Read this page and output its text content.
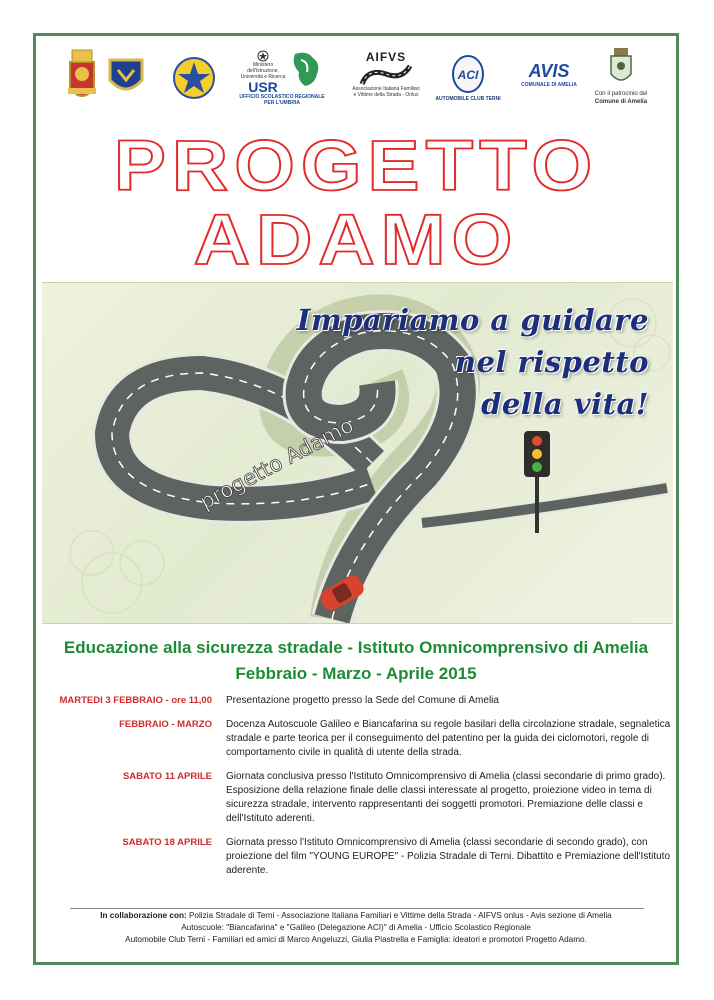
Ministero dell'Istruzione,
Università e Ricerca
USR
UFFICIO SCOLASTICO REGIONALE PER L'UMBRIA
AIFVS
Associazione Italiana Familiari
e Vittime della Strada - Onlus
ACI
AUTOMOBILE CLUB TERNI
AVIS
COMUNALE DI AMELIA
Con il patrocinio del
Comune di Amelia
PROGETTO
ADAMO
progetto Adamo
Impariamo a guidare
nel rispetto
della vita!
Educazione alla sicurezza stradale - Istituto Omnicomprensivo di Amelia
Febbraio - Marzo - Aprile 2015
MARTEDI 3 FEBBRAIO - ore 11,00	Presentazione progetto presso la Sede del Comune di Amelia
FEBBRAIO - MARZO	Docenza Autoscuole Galileo e Biancafarina su regole basilari della circolazione stradale, segnaletica stradale e parte teorica per il conseguimento del patentino per la guida dei ciclomotori, regole di comportamento civile in qualità di utente della strada.
SABATO 11 APRILE	Giornata conclusiva presso l'Istituto Omnicomprensivo di Amelia (classi secondarie di primo grado). Esposizione della relazione finale delle classi interessate al progetto, proiezione video in tema di sicurezza stradale, intervento rappresentanti dei soggetti promotori. Premiazione delle classi e dell'Istituto aderenti.
SABATO 18 APRILE	Giornata presso l'Istituto Omnicomprensivo di Amelia (classi secondarie di secondo grado), con proiezione del film "YOUNG EUROPE" - Polizia Stradale di Terni. Dibattito e Premiazione dell'Istituto aderente.
In collaborazione con: Polizia Stradale di Terni - Associazione Italiana Familiari e Vittime della Strada - AIFVS onlus - Avis sezione di Amelia
Autoscuole: "Biancafarina" e "Galileo (Delegazione ACI)" di Amelia - Ufficio Scolastico Regionale
Automobile Club Terni - Familiari ed amici di Marco Angeluzzi, Giulia Piastrella e Famiglia: ideatori e promotori Progetto Adamo.
